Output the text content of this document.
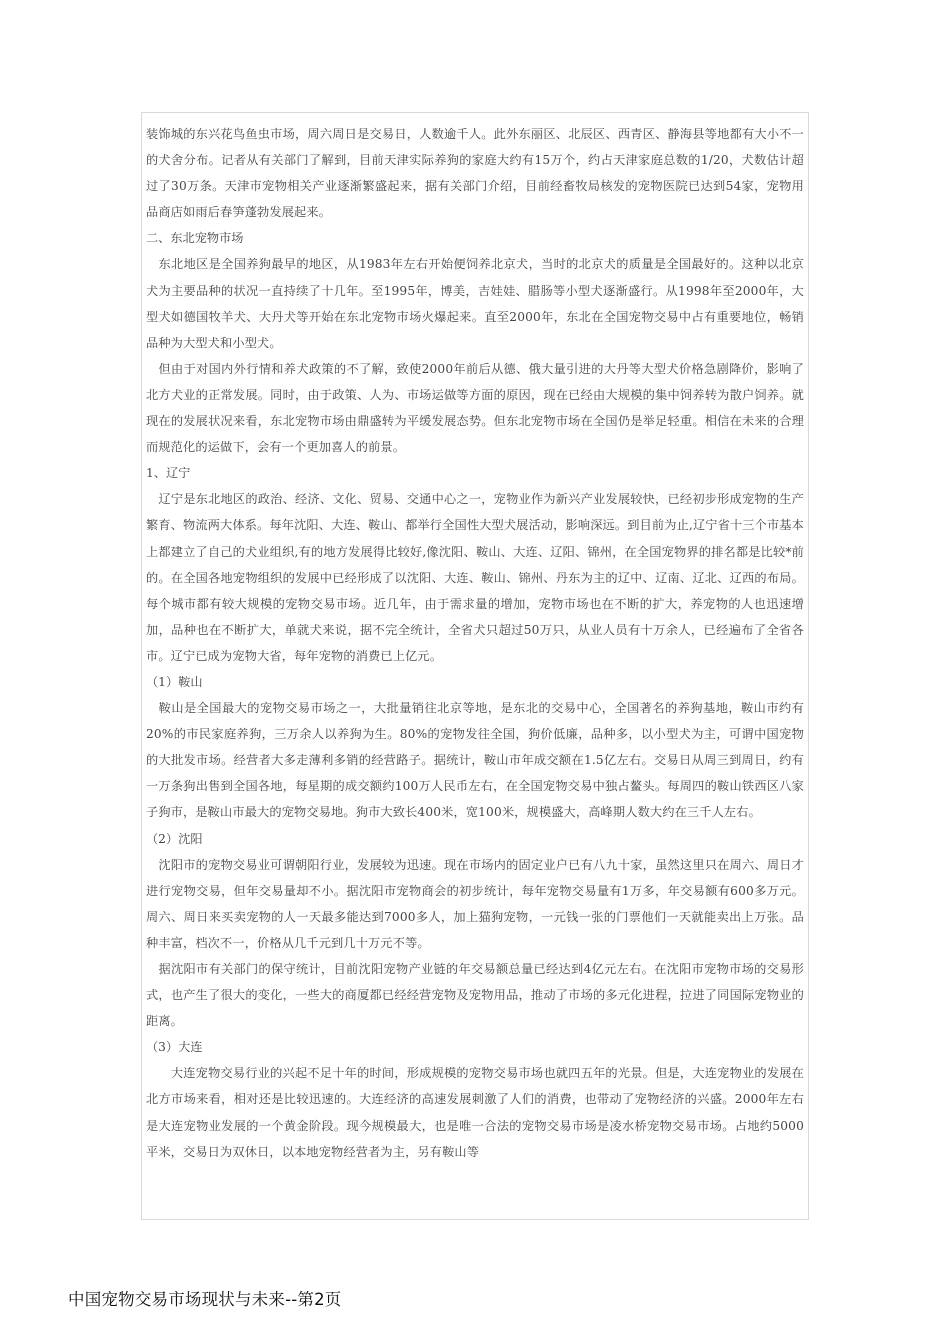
装饰城的东兴花鸟鱼虫市场，周六周日是交易日，人数逾千人。此外东丽区、北辰区、西青区、静海县等地都有大小不一的犬舍分布。记者从有关部门了解到，目前天津实际养狗的家庭大约有15万个，约占天津家庭总数的1/20，犬数估计超过了30万条。天津市宠物相关产业逐渐繁盛起来，据有关部门介绍，目前经畜牧局核发的宠物医院已达到54家，宠物用品商店如雨后春笋蓬勃发展起来。

二、东北宠物市场

　东北地区是全国养狗最早的地区，从1983年左右开始便饲养北京犬，当时的北京犬的质量是全国最好的。这种以北京犬为主要品种的状况一直持续了十几年。至1995年，博美，吉娃娃、腊肠等小型犬逐渐盛行。从1998年至2000年，大型犬如德国牧羊犬、大丹犬等开始在东北宠物市场火爆起来。直至2000年，东北在全国宠物交易中占有重要地位，畅销品种为大型犬和小型犬。

　但由于对国内外行情和养犬政策的不了解，致使2000年前后从德、俄大量引进的大丹等大型犬价格急剧降价，影响了北方犬业的正常发展。同时，由于政策、人为、市场运做等方面的原因，现在已经由大规模的集中饲养转为散户饲养。就现在的发展状况来看，东北宠物市场由鼎盛转为平缓发展态势。但东北宠物市场在全国仍是举足轻重。相信在未来的合理而规范化的运做下，会有一个更加喜人的前景。

1、辽宁

　辽宁是东北地区的政治、经济、文化、贸易、交通中心之一，宠物业作为新兴产业发展较快，已经初步形成宠物的生产繁育、物流两大体系。每年沈阳、大连、鞍山、都举行全国性大型犬展活动，影响深远。到目前为止,辽宁省十三个市基本上都建立了自己的犬业组织,有的地方发展得比较好,像沈阳、鞍山、大连、辽阳、锦州，在全国宠物界的排名都是比较*前的。在全国各地宠物组织的发展中已经形成了以沈阳、大连、鞍山、锦州、丹东为主的辽中、辽南、辽北、辽西的布局。每个城市都有较大规模的宠物交易市场。近几年，由于需求量的增加，宠物市场也在不断的扩大，养宠物的人也迅速增加，品种也在不断扩大，单就犬来说，据不完全统计，全省犬只超过50万只，从业人员有十万余人，已经遍布了全省各市。辽宁已成为宠物大省，每年宠物的消费已上亿元。

（1）鞍山

　鞍山是全国最大的宠物交易市场之一，大批量销往北京等地，是东北的交易中心，全国著名的养狗基地，鞍山市约有20%的市民家庭养狗，三万余人以养狗为生。80%的宠物发往全国，狗价低廉，品种多，以小型犬为主，可谓中国宠物的大批发市场。经营者大多走薄利多销的经营路子。据统计，鞍山市年成交额在1.5亿左右。交易日从周三到周日，约有一万条狗出售到全国各地，每星期的成交额约100万人民币左右，在全国宠物交易中独占鳌头。每周四的鞍山铁西区八家子狗市，是鞍山市最大的宠物交易地。狗市大致长400米，宽100米，规模盛大，高峰期人数大约在三千人左右。

（2）沈阳

　沈阳市的宠物交易业可谓朝阳行业，发展较为迅速。现在市场内的固定业户已有八九十家，虽然这里只在周六、周日才进行宠物交易，但年交易量却不小。据沈阳市宠物商会的初步统计，每年宠物交易量有1万多，年交易额有600多万元。周六、周日来买卖宠物的人一天最多能达到7000多人，加上猫狗宠物，一元钱一张的门票他们一天就能卖出上万张。品种丰富，档次不一，价格从几千元到几十万元不等。

　据沈阳市有关部门的保守统计，目前沈阳宠物产业链的年交易额总量已经达到4亿元左右。在沈阳市宠物市场的交易形式，也产生了很大的变化，一些大的商厦都已经经营宠物及宠物用品，推动了市场的多元化进程，拉进了同国际宠物业的距离。

（3）大连

　　大连宠物交易行业的兴起不足十年的时间，形成规模的宠物交易市场也就四五年的光景。但是，大连宠物业的发展在北方市场来看，相对还是比较迅速的。大连经济的高速发展刺激了人们的消费，也带动了宠物经济的兴盛。2000年左右是大连宠物业发展的一个黄金阶段。现今规模最大，也是唯一合法的宠物交易市场是凌水桥宠物交易市场。占地约5000平米，交易日为双休日，以本地宠物经营者为主，另有鞍山等

中国宠物交易市场现状与未来--第2页
